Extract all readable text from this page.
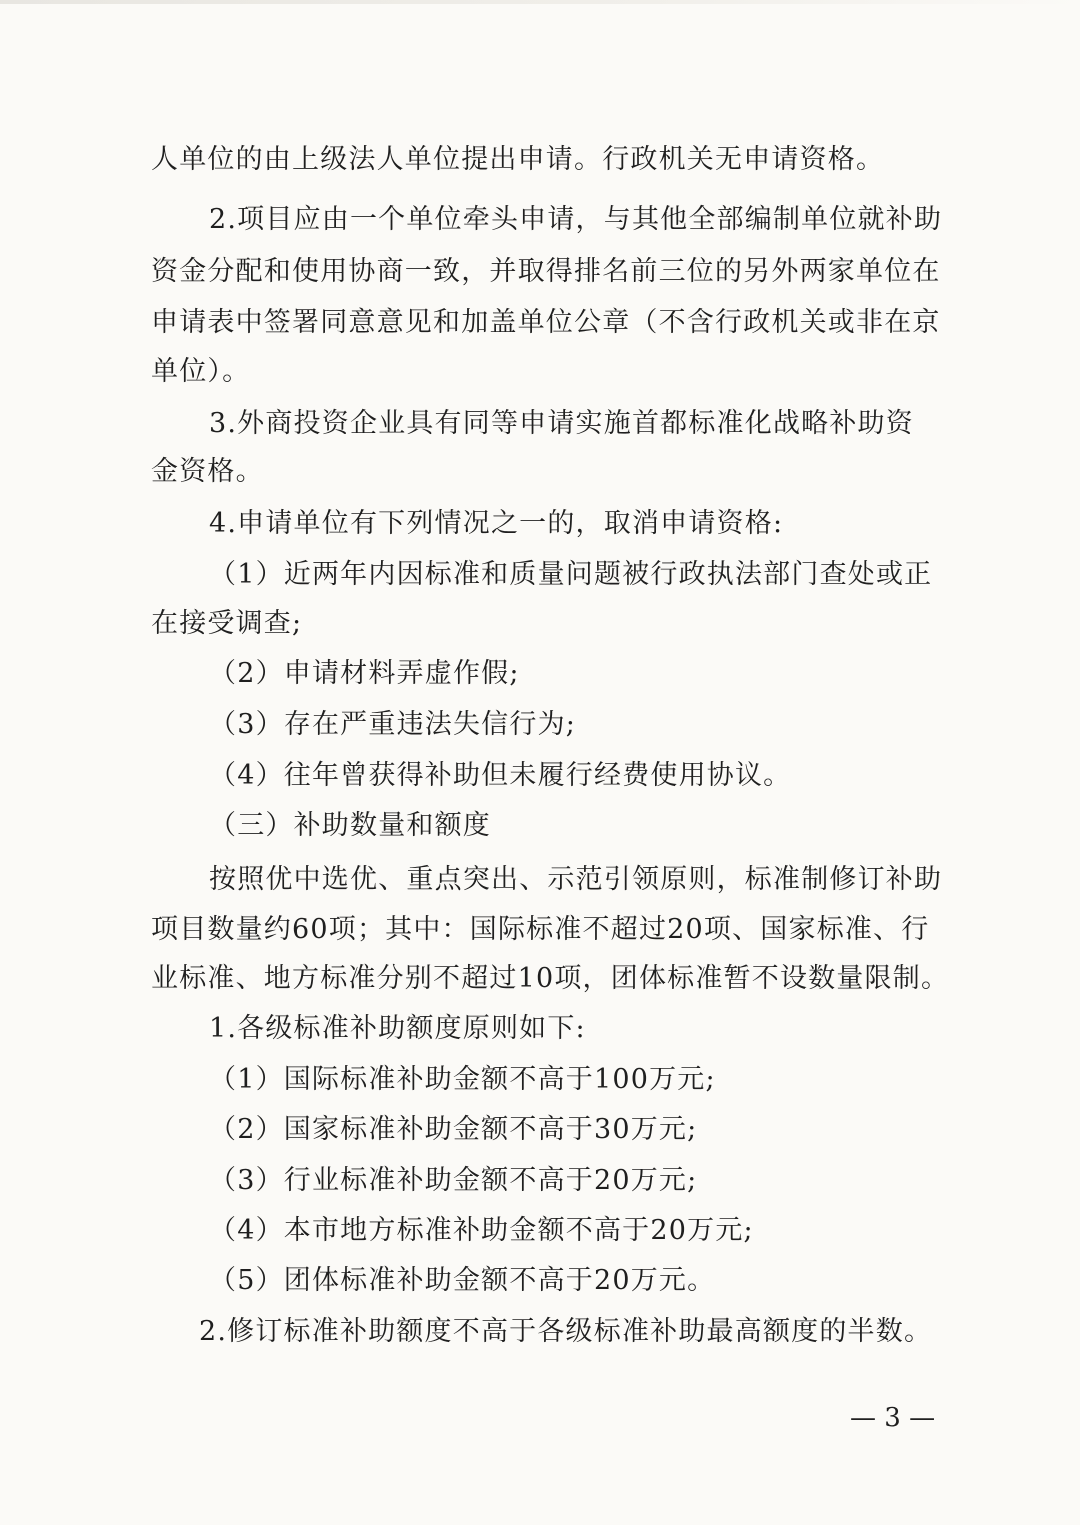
人单位的由上级法人单位提出申请。行政机关无申请资格。
2.项目应由一个单位牵头申请，与其他全部编制单位就补助
资金分配和使用协商一致，并取得排名前三位的另外两家单位在
申请表中签署同意意见和加盖单位公章（不含行政机关或非在京
单位）。
3.外商投资企业具有同等申请实施首都标准化战略补助资
金资格。
4.申请单位有下列情况之一的，取消申请资格:
（1）近两年内因标准和质量问题被行政执法部门查处或正
在接受调查;
（2）申请材料弄虚作假;
（3）存在严重违法失信行为;
（4）往年曾获得补助但未履行经费使用协议。
（三）补助数量和额度
按照优中选优、重点突出、示范引领原则，标准制修订补助
项目数量约60项；其中：国际标准不超过20项、国家标准、行
业标准、地方标准分别不超过10项，团体标准暂不设数量限制。
1.各级标准补助额度原则如下:
（1）国际标准补助金额不高于100万元;
（2）国家标准补助金额不高于30万元;
（3）行业标准补助金额不高于20万元;
（4）本市地方标准补助金额不高于20万元;
（5）团体标准补助金额不高于20万元。
2.修订标准补助额度不高于各级标准补助最高额度的半数。
— 3 —
